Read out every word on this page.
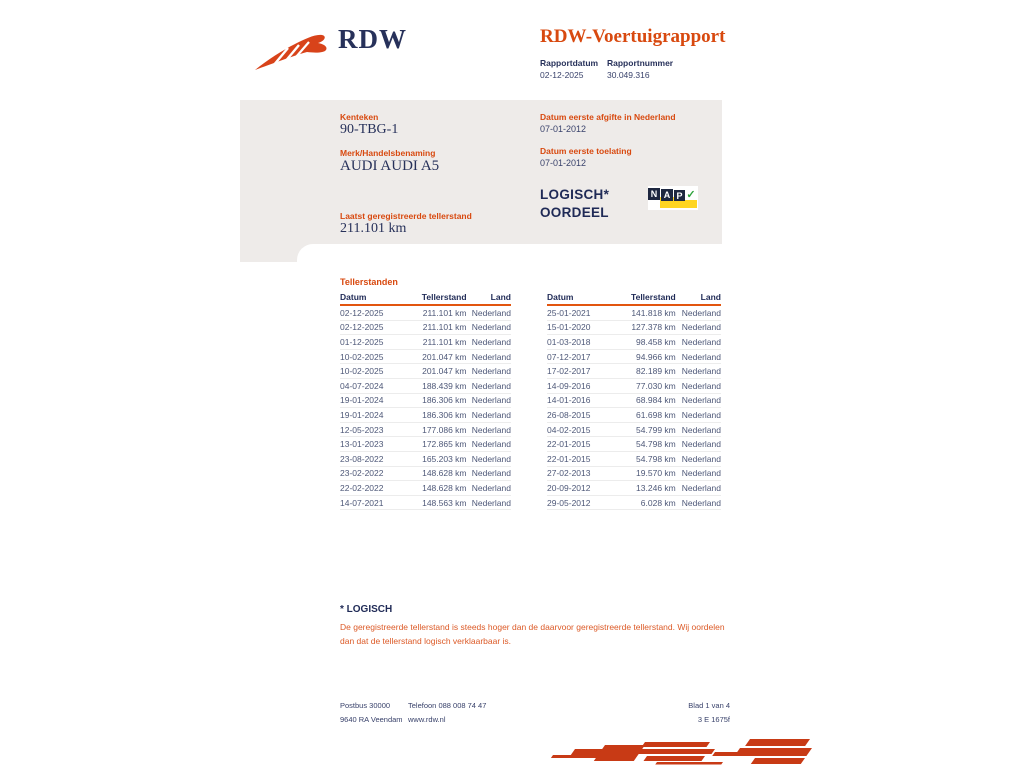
RDW	RDW-Voertuigrapport
Rapportdatum Rapportnummer
02-12-2025	30.049.316
Kenteken
90-TBG-1
Merk/Handelsbenaming
AUDI AUDI A5
Laatst geregistreerde tellerstand
211.101 km
Datum eerste afgifte in Nederland
07-01-2012
Datum eerste toelating
07-01-2012
LOGISCH*
OORDEEL
N A P ✓
Tellerstanden
Datum	Tellerstand	Land
02-12-2025	211.101 km Nederland
02-12-2025	211.101 km Nederland
01-12-2025	211.101 km Nederland
10-02-2025	201.047 km Nederland
10-02-2025	201.047 km Nederland
04-07-2024	188.439 km Nederland
19-01-2024	186.306 km Nederland
19-01-2024	186.306 km Nederland
12-05-2023	177.086 km Nederland
13-01-2023	172.865 km Nederland
23-08-2022	165.203 km Nederland
23-02-2022	148.628 km Nederland
22-02-2022	148.628 km Nederland
14-07-2021	148.563 km Nederland
Datum	Tellerstand	Land
25-01-2021	141.818 km Nederland
15-01-2020	127.378 km Nederland
01-03-2018	98.458 km Nederland
07-12-2017	94.966 km Nederland
17-02-2017	82.189 km Nederland
14-09-2016	77.030 km Nederland
14-01-2016	68.984 km Nederland
26-08-2015	61.698 km Nederland
04-02-2015	54.799 km Nederland
22-01-2015	54.798 km Nederland
22-01-2015	54.798 km Nederland
27-02-2013	19.570 km Nederland
20-09-2012	13.246 km Nederland
29-05-2012	6.028 km Nederland
* LOGISCH
De geregistreerde tellerstand is steeds hoger dan de daarvoor geregistreerde tellerstand. Wij oordelen dan dat de tellerstand logisch verklaarbaar is.
Postbus 30000
9640 RA Veendam
Telefoon 088 008 74 47
www.rdw.nl
Blad 1 van 4
3 E 1675f
